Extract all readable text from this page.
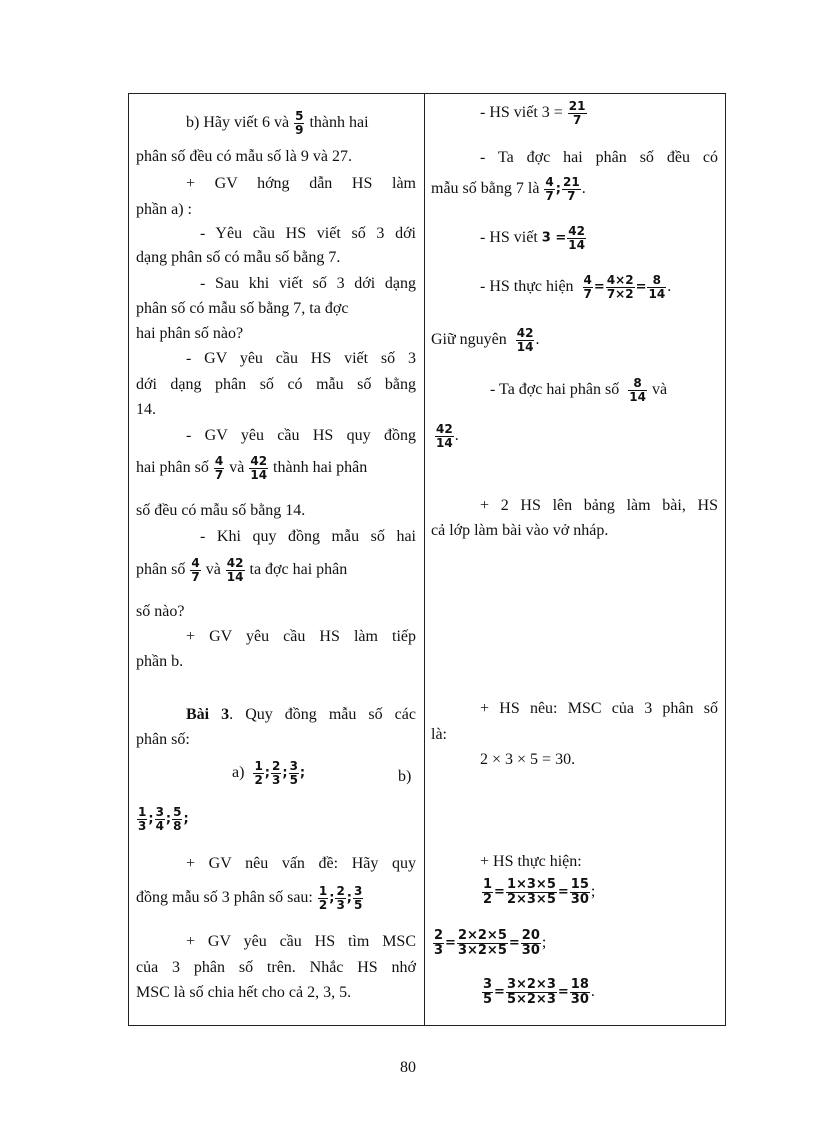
b) Hãy viết 6 và $\frac{5}{9}$ thành hai
phân số đều có mẫu số là 9 và 27.
+ GV hớng dẫn HS làm
phần a) :
- Yêu cầu HS viết số 3 dới
dạng phân số có mẫu số bằng 7.
- Sau khi viết số 3 dới dạng
phân số có mẫu số bằng 7, ta đợc
hai phân số nào?
- GV yêu cầu HS viết số 3
dới dạng phân số có mẫu số bằng
14.
- GV yêu cầu HS quy đồng
hai phân số $\frac{4}{7}$ và $\frac{42}{14}$ thành hai phân
số đều có mẫu số bằng 14.
- Khi quy đồng mẫu số hai
phân số $\frac{4}{7}$ và $\frac{42}{14}$ ta đợc hai phân
số nào?
+ GV yêu cầu HS làm tiếp
phần b.
Bài 3. Quy đồng mẫu số các
phân số:
$a) \frac{1}{2}$ ; $\frac{2}{3}$ ; $\frac{3}{5}$ ;	b)
$\frac{1}{3}$ ; $\frac{3}{4}$ ; $\frac{5}{8}$ ;
+ GV nêu vấn đề: Hãy quy
đồng mẫu số 3 phân số sau: $\frac{1}{2}$ ; $\frac{2}{3}$ ; $\frac{3}{5}$
+ GV yêu cầu HS tìm MSC
của 3 phân số trên. Nhắc HS nhớ
MSC là số chia hết cho cả 2, 3, 5.
- HS viết $3 = \frac{21}{7}$
- Ta đợc hai phân số đều có
mẫu số bằng 7 là $\frac{4}{7}$ ; $\frac{21}{7}$ .
- HS viết $3 = \frac{42}{14}$
- HS thực hiện $\frac{4}{7} = \frac{4\times 2}{7\times 2} = \frac{8}{14}$ .
Giữ nguyên $\frac{42}{14}$ .
- Ta đợc hai phân số $\frac{8}{14}$ và
$\frac{42}{14}$ .
+ 2 HS lên bảng làm bài, HS
cả lớp làm bài vào vở nháp.
+ HS nêu: MSC của 3 phân số
là:
2 × 3 × 5 = 30.
+ HS thực hiện:
$\frac{1}{2} = \frac{1\times 3\times 5}{2\times 3\times 5} = \frac{15}{30}$ ;
$\frac{2}{3} = \frac{2\times 2\times 5}{3\times 2\times 5} = \frac{20}{30}$ ;
$\frac{3}{5} = \frac{3\times 2\times 3}{5\times 2\times 3} = \frac{18}{30}$ .
80
